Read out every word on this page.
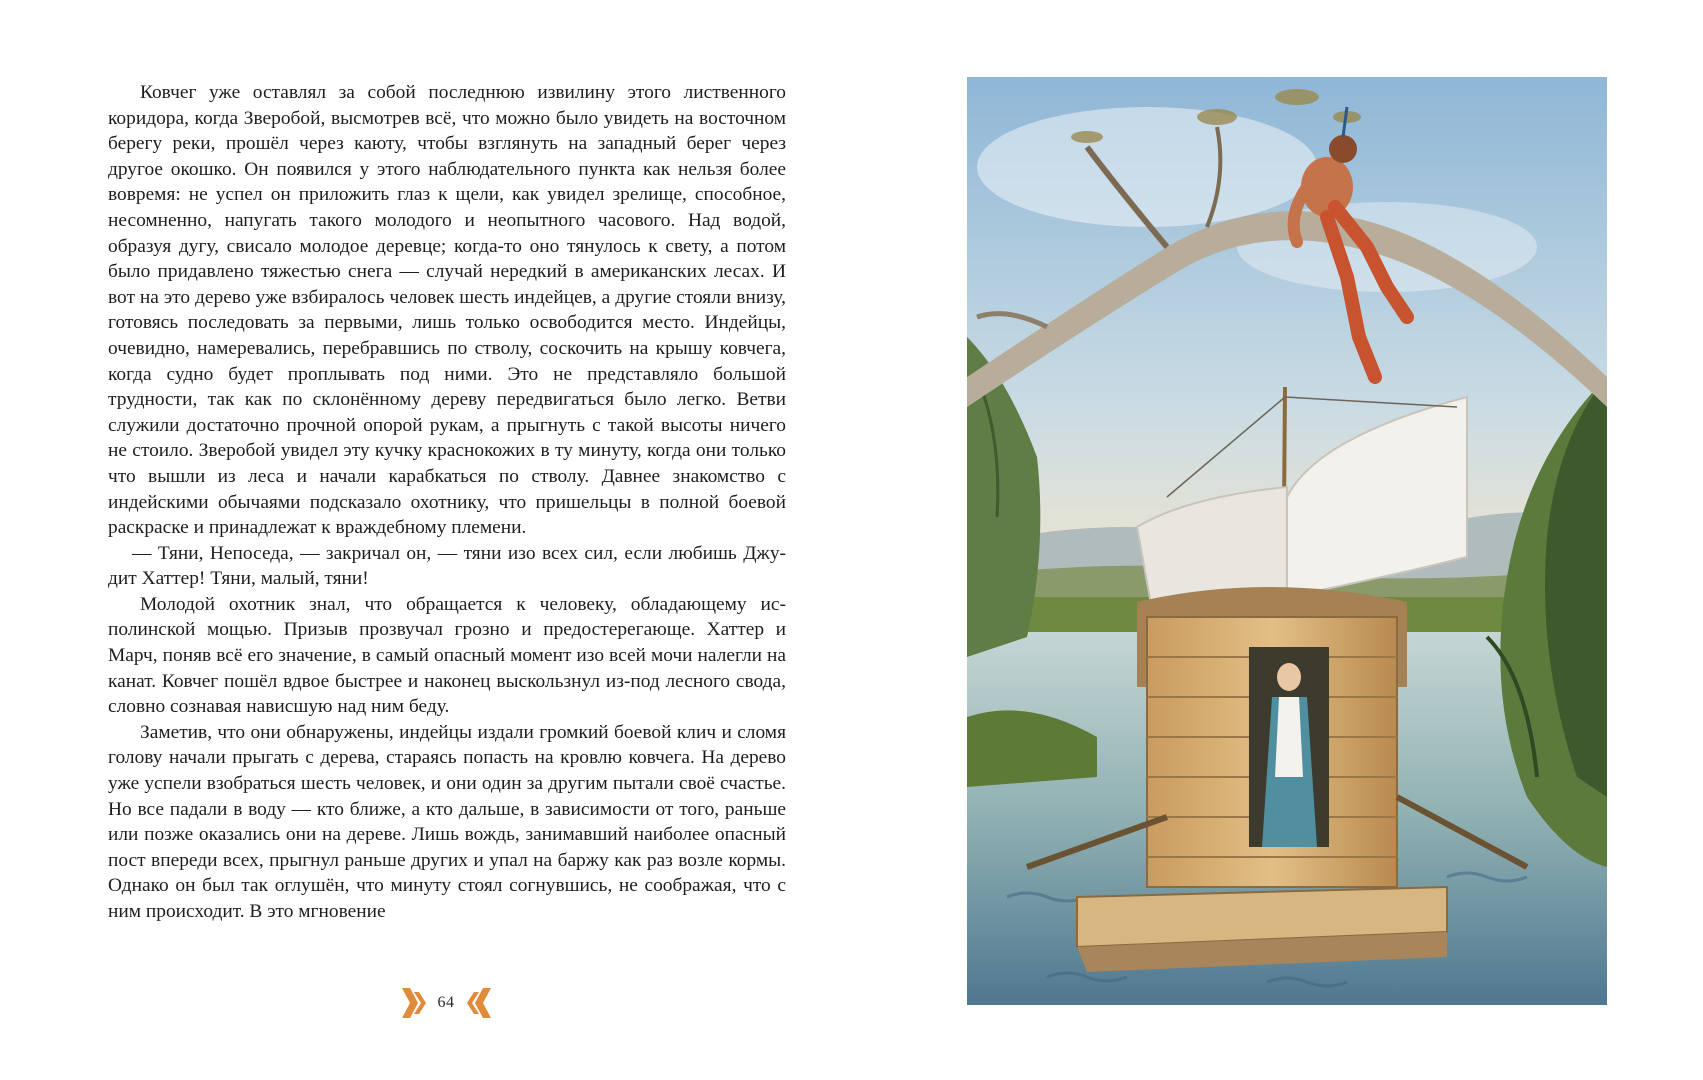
Ковчег уже оставлял за собой последнюю извилину этого лиственного коридора, когда Зверобой, высмотрев всё, что можно было увидеть на восточном берегу реки, прошёл через каюту, чтобы взглянуть на западный берег через другое окошко. Он появился у этого наблюдательного пункта как нельзя более вовремя: не успел он приложить глаз к щели, как увидел зрелище, способное, несомненно, напугать такого молодого и неопытного часового. Над водой, образуя дугу, свисало молодое деревце; когда-то оно тянулось к свету, а потом было придавлено тяжестью снега — случай нередкий в американских лесах. И вот на это дерево уже взбиралось человек шесть индейцев, а другие стояли внизу, готовясь последовать за первыми, лишь только освободится место. Индейцы, очевидно, намеревались, перебравшись по стволу, соскочить на крышу ковчега, когда судно будет проплывать под ними. Это не представляло большой трудности, так как по склонённому дереву передвигаться было легко. Ветви служили достаточно прочной опорой рукам, а прыгнуть с такой высоты ничего не стоило. Зверобой увидел эту кучку краснокожих в ту минуту, когда они только что вышли из леса и начали карабкаться по стволу. Давнее знакомство с индейскими обычаями подсказало охотнику, что пришельцы в полной боевой раскраске и принадлежат к враждебному племени.

— Тяни, Непоседа, — закричал он, — тяни изо всех сил, если любишь Джудит Хаттер! Тяни, малый, тяни!

Молодой охотник знал, что обращается к человеку, обладающему исполинской мощью. Призыв прозвучал грозно и предостерегающе. Хаттер и Марч, поняв всё его значение, в самый опасный момент изо всей мочи налегли на канат. Ковчег пошёл вдвое быстрее и наконец выскользнул из-под лесного свода, словно сознавая нависшую над ним беду.

Заметив, что они обнаружены, индейцы издали громкий боевой клич и сломя голову начали прыгать с дерева, стараясь попасть на кровлю ковчега. На дерево уже успели взобраться шесть человек, и они один за другим пытали своё счастье. Но все падали в воду — кто ближе, а кто дальше, в зависимости от того, раньше или позже оказались они на дереве. Лишь вождь, занимавший наиболее опасный пост впереди всех, прыгнул раньше других и упал на баржу как раз возле кормы. Однако он был так оглушён, что минуту стоял согнувшись, не соображая, что с ним происходит. В это мгновение

64
